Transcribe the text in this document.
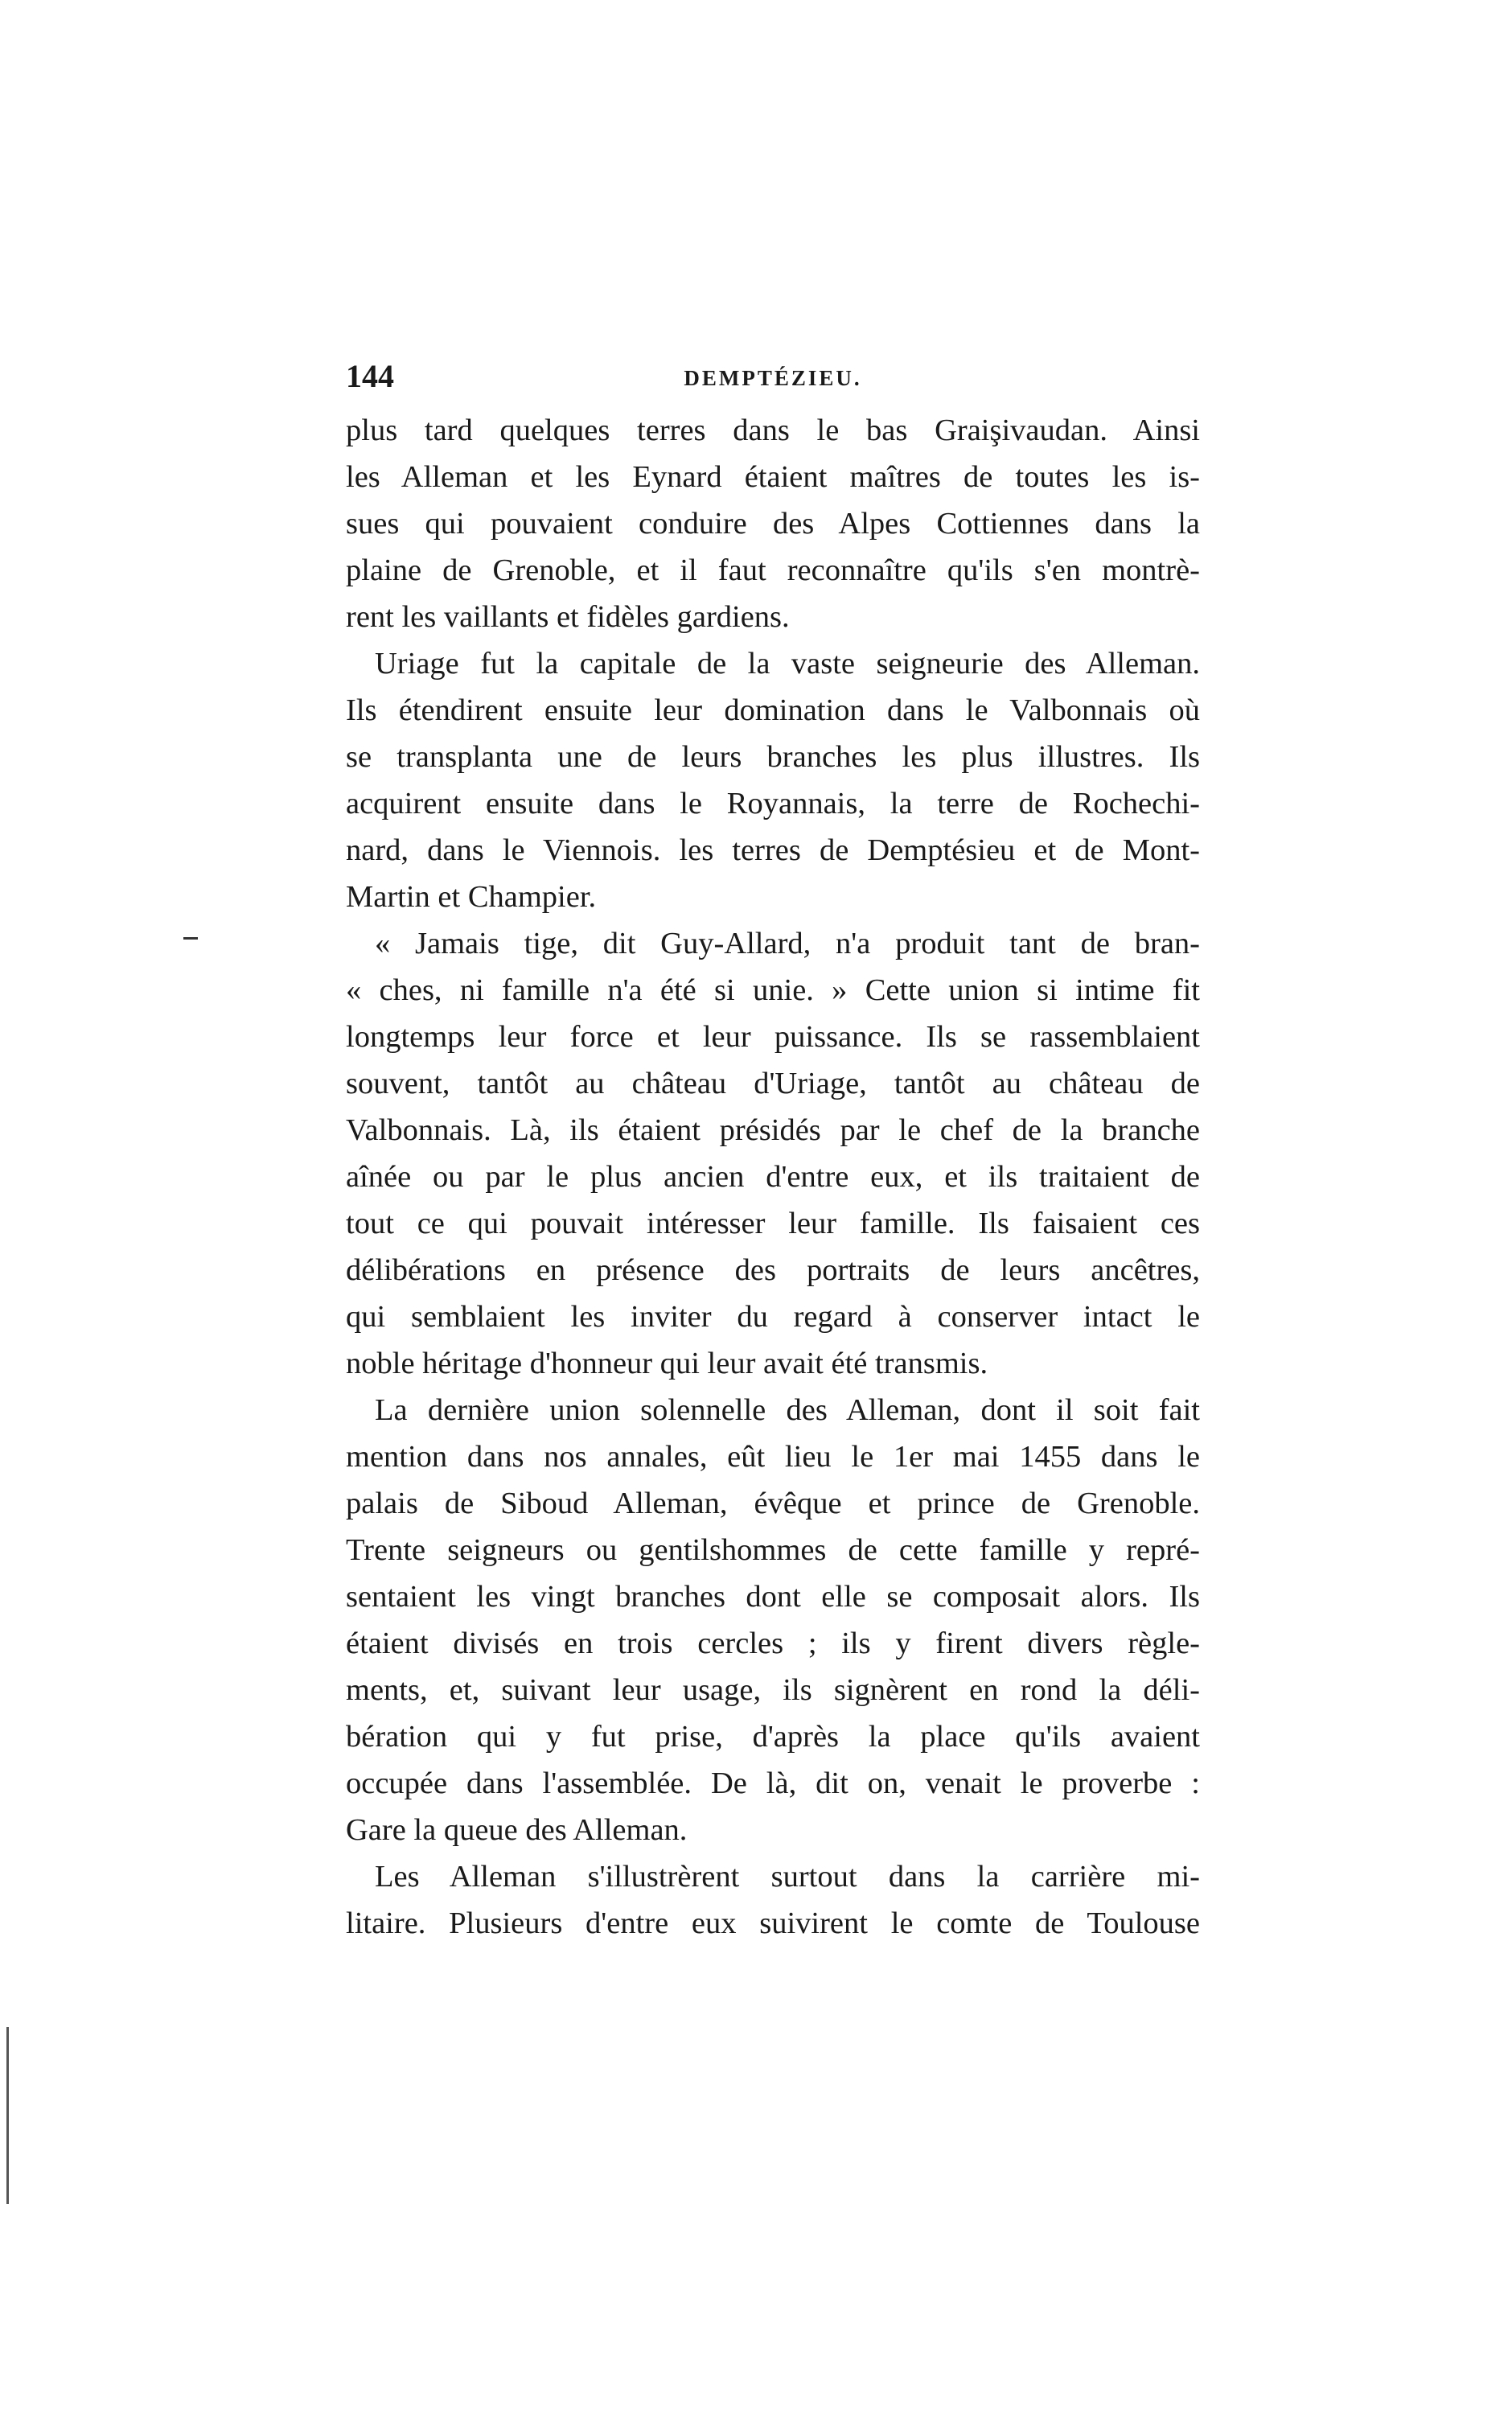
144	DEMPTÉZIEU.
plus tard quelques terres dans le bas Graişivaudan. Ainsi
les Alleman et les Eynard étaient maîtres de toutes les is-
sues qui pouvaient conduire des Alpes Cottiennes dans la
plaine de Grenoble, et il faut reconnaître qu'ils s'en montrè-
rent les vaillants et fidèles gardiens.
Uriage fut la capitale de la vaste seigneurie des Alleman.
Ils étendirent ensuite leur domination dans le Valbonnais où
se transplanta une de leurs branches les plus illustres. Ils
acquirent ensuite dans le Royannais, la terre de Rochechi-
nard, dans le Viennois. les terres de Demptésieu et de Mont-
Martin et Champier.
« Jamais tige, dit Guy-Allard, n'a produit tant de bran-
« ches, ni famille n'a été si unie. » Cette union si intime fit
longtemps leur force et leur puissance. Ils se rassemblaient
souvent, tantôt au château d'Uriage, tantôt au château de
Valbonnais. Là, ils étaient présidés par le chef de la branche
aînée ou par le plus ancien d'entre eux, et ils traitaient de
tout ce qui pouvait intéresser leur famille. Ils faisaient ces
délibérations en présence des portraits de leurs ancêtres,
qui semblaient les inviter du regard à conserver intact le
noble héritage d'honneur qui leur avait été transmis.
La dernière union solennelle des Alleman, dont il soit fait
mention dans nos annales, eût lieu le 1er mai 1455 dans le
palais de Siboud Alleman, évêque et prince de Grenoble.
Trente seigneurs ou gentilshommes de cette famille y repré-
sentaient les vingt branches dont elle se composait alors. Ils
étaient divisés en trois cercles ; ils y firent divers règle-
ments, et, suivant leur usage, ils signèrent en rond la déli-
bération qui y fut prise, d'après la place qu'ils avaient
occupée dans l'assemblée. De là, dit on, venait le proverbe :
Gare la queue des Alleman.
Les Alleman s'illustrèrent surtout dans la carrière mi-
litaire. Plusieurs d'entre eux suivirent le comte de Toulouse
